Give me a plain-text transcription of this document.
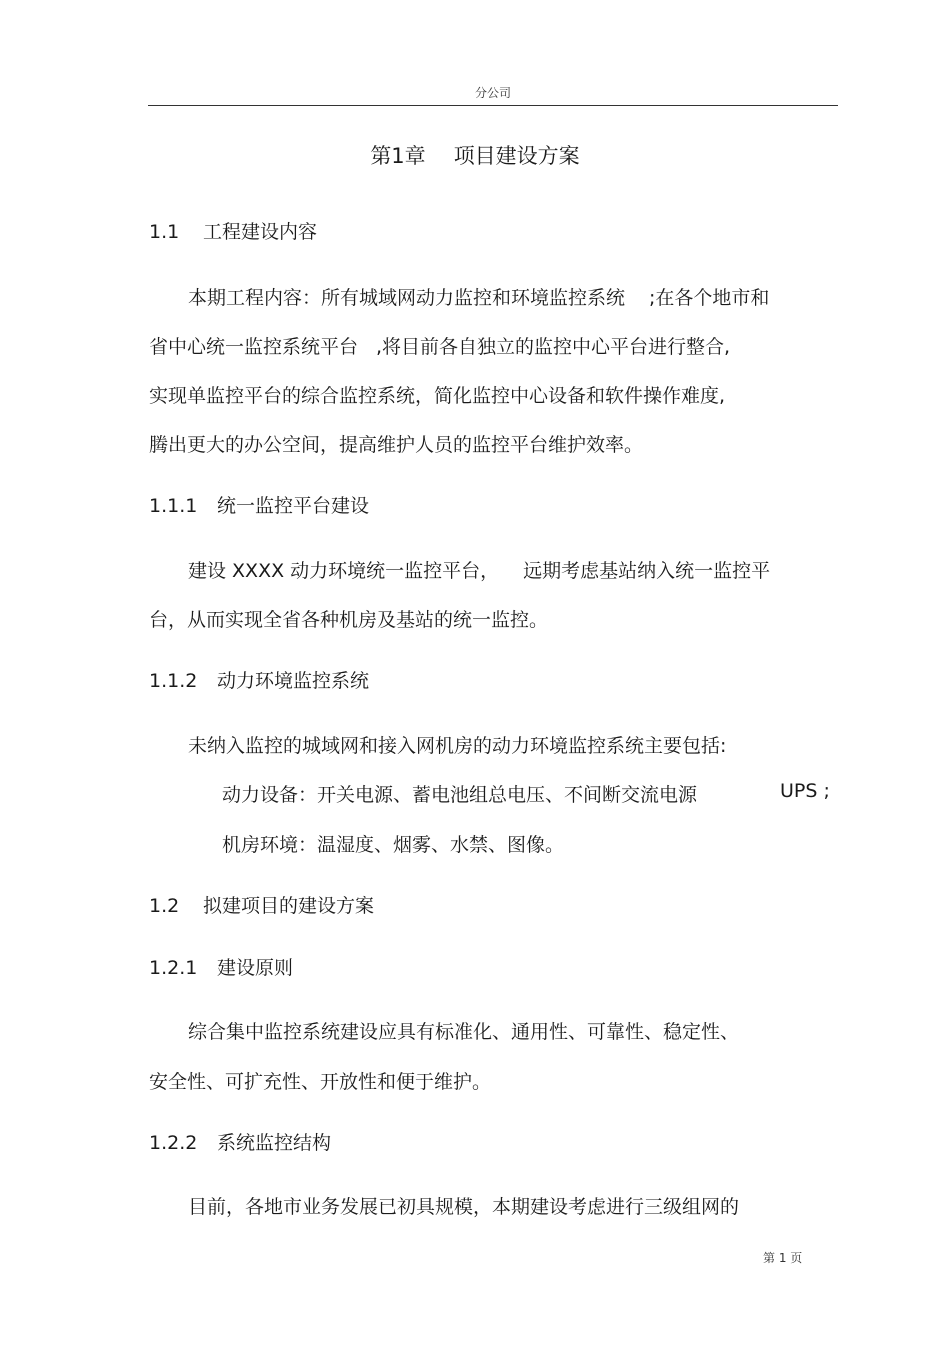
分公司
第1章 项目建设方案
1.1 工程建设内容
本期工程内容：所有城域网动力监控和环境监控系统 ;在各个地市和
省中心统一监控系统平台 ,将目前各自独立的监控中心平台进行整合,
实现单监控平台的综合监控系统，简化监控中心设备和软件操作难度,
腾出更大的办公空间，提高维护人员的监控平台维护效率。
1.1.1 统一监控平台建设
建设 XXXX 动力环境统一监控平台， 远期考虑基站纳入统一监控平
台，从而实现全省各种机房及基站的统一监控。
1.1.2 动力环境监控系统
未纳入监控的城域网和接入网机房的动力环境监控系统主要包括:
动力设备：开关电源、蓄电池组总电压、不间断交流电源	UPS ;
机房环境：温湿度、烟雾、水禁、图像。
1.2 拟建项目的建设方案
1.2.1 建设原则
综合集中监控系统建设应具有标准化、通用性、可靠性、稳定性、
安全性、可扩充性、开放性和便于维护。
1.2.2 系统监控结构
目前，各地市业务发展已初具规模，本期建设考虑进行三级组网的
第 1 页
